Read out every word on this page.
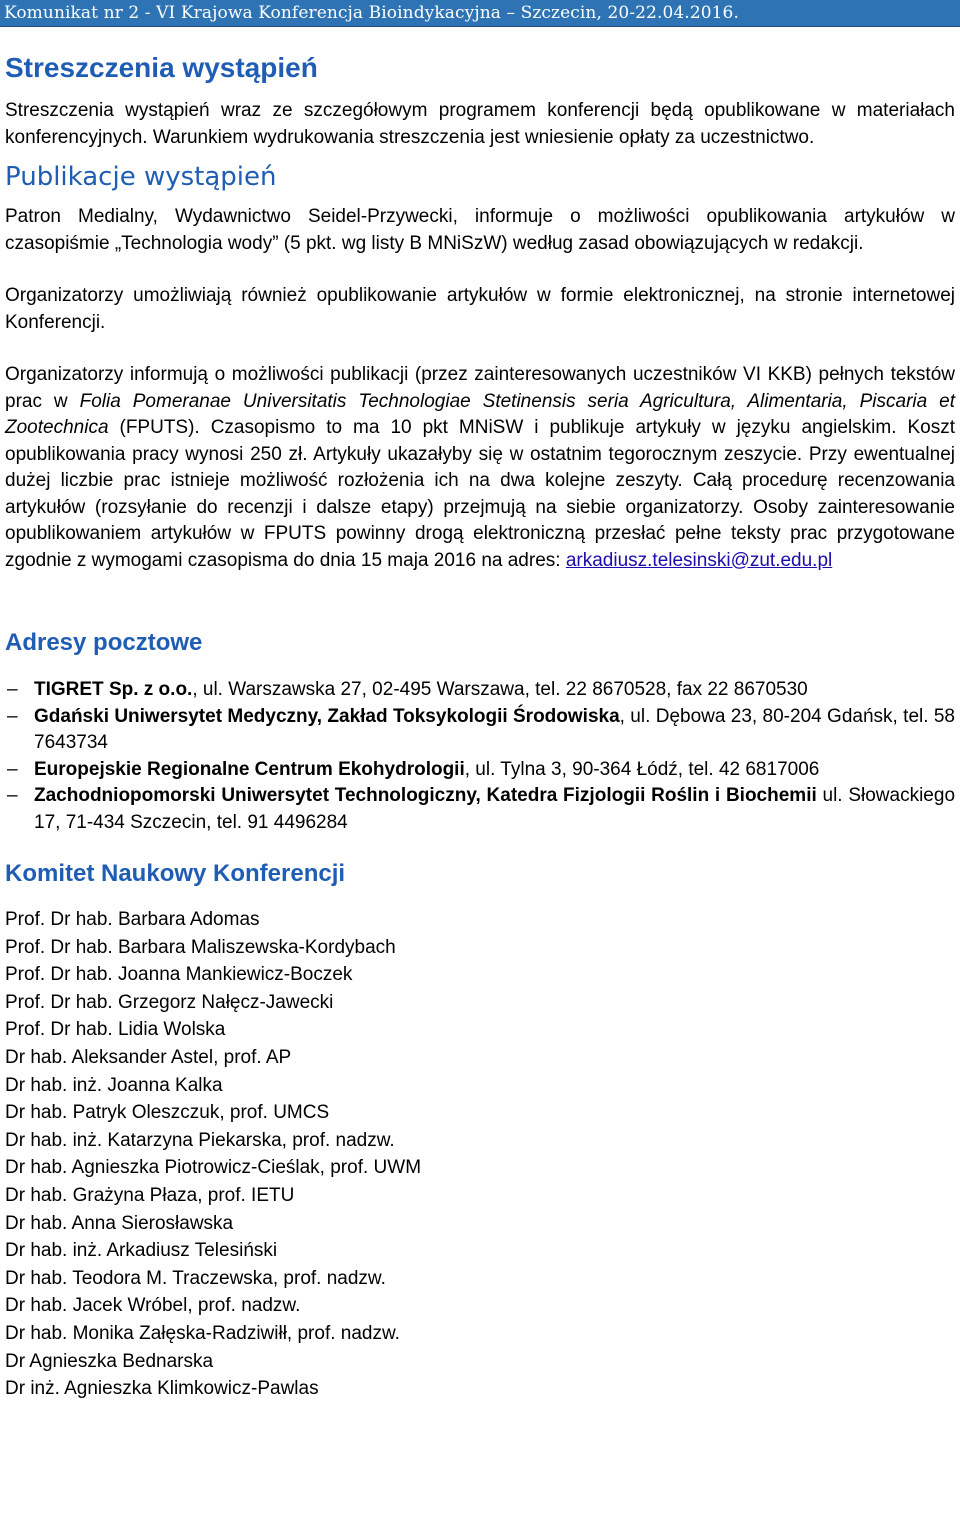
Komunikat nr 2 - VI Krajowa Konferencja Bioindykacyjna – Szczecin, 20-22.04.2016.
Streszczenia wystąpień

Streszczenia wystąpień wraz ze szczegółowym programem konferencji będą opublikowane w materiałach konferencyjnych. Warunkiem wydrukowania streszczenia jest wniesienie opłaty za uczestnictwo.

Publikacje wystąpień

Patron Medialny, Wydawnictwo Seidel-Przywecki, informuje o możliwości opublikowania artykułów w czasopiśmie „Technologia wody” (5 pkt. wg listy B MNiSzW) według zasad obowiązujących w redakcji.

Organizatorzy umożliwiają również opublikowanie artykułów w formie elektronicznej, na stronie internetowej Konferencji.

Organizatorzy informują o możliwości publikacji (przez zainteresowanych uczestników VI KKB) pełnych tekstów prac w Folia Pomeranae Universitatis Technologiae Stetinensis seria Agricultura, Alimentaria, Piscaria et Zootechnica (FPUTS). Czasopismo to ma 10 pkt MNiSW i publikuje artykuły w języku angielskim. Koszt opublikowania pracy wynosi 250 zł. Artykuły ukazałyby się w ostatnim tegorocznym zeszycie. Przy ewentualnej dużej liczbie prac istnieje możliwość rozłożenia ich na dwa kolejne zeszyty. Całą procedurę recenzowania artykułów (rozsyłanie do recenzji i dalsze etapy) przejmują na siebie organizatorzy. Osoby zainteresowanie opublikowaniem artykułów w FPUTS powinny drogą elektroniczną przesłać pełne teksty prac przygotowane zgodnie z wymogami czasopisma do dnia 15 maja 2016 na adres: arkadiusz.telesinski@zut.edu.pl

Adresy pocztowe
– TIGRET Sp. z o.o., ul. Warszawska 27, 02-495 Warszawa, tel. 22 8670528, fax 22 8670530
– Gdański Uniwersytet Medyczny, Zakład Toksykologii Środowiska, ul. Dębowa 23, 80-204 Gdańsk, tel. 58 7643734
– Europejskie Regionalne Centrum Ekohydrologii, ul. Tylna 3, 90-364 Łódź, tel. 42 6817006
– Zachodniopomorski Uniwersytet Technologiczny, Katedra Fizjologii Roślin i Biochemii ul. Słowackiego 17, 71-434 Szczecin, tel. 91 4496284
Komitet Naukowy Konferencji
Prof. Dr hab. Barbara Adomas
Prof. Dr hab. Barbara Maliszewska-Kordybach
Prof. Dr hab. Joanna Mankiewicz-Boczek
Prof. Dr hab. Grzegorz Nałęcz-Jawecki
Prof. Dr hab. Lidia Wolska
Dr hab. Aleksander Astel, prof. AP
Dr hab. inż. Joanna Kalka
Dr hab. Patryk Oleszczuk, prof. UMCS
Dr hab. inż. Katarzyna Piekarska, prof. nadzw.
Dr hab. Agnieszka Piotrowicz-Cieślak, prof. UWM
Dr hab. Grażyna Płaza, prof. IETU
Dr hab. Anna Sierosławska
Dr hab. inż. Arkadiusz Telesiński
Dr hab. Teodora M. Traczewska, prof. nadzw.
Dr hab. Jacek Wróbel, prof. nadzw.
Dr hab. Monika Załęska-Radziwiłł, prof. nadzw.
Dr Agnieszka Bednarska
Dr inż. Agnieszka Klimkowicz-Pawlas
